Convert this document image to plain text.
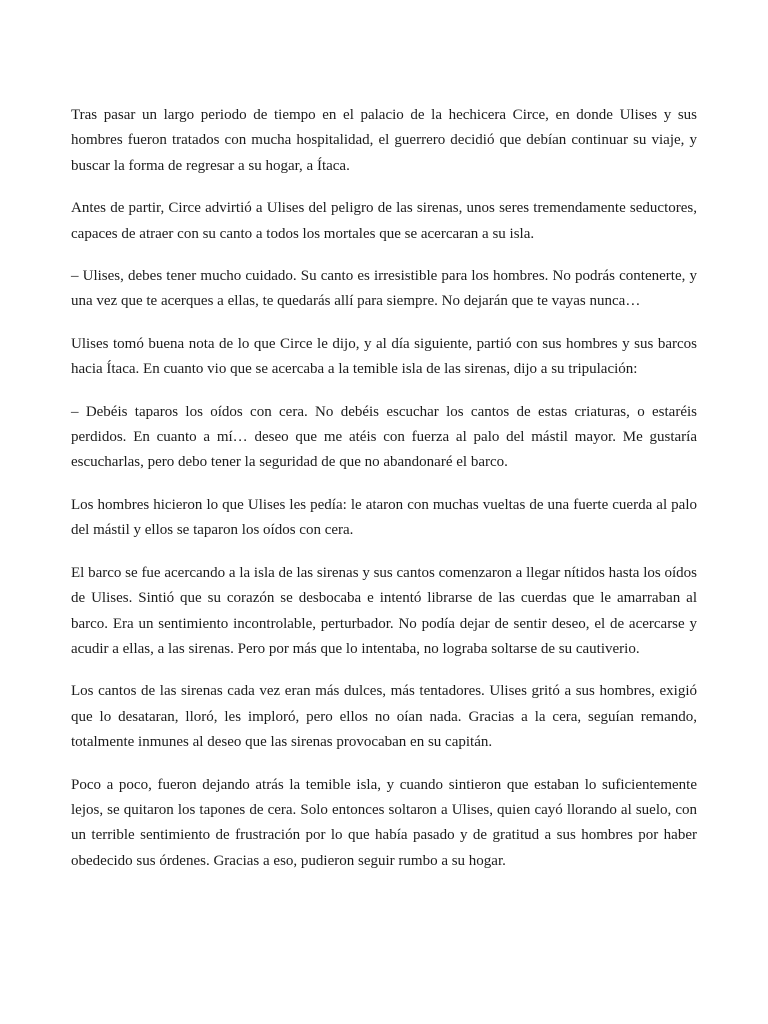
Tras pasar un largo periodo de tiempo en el palacio de la hechicera Circe, en donde Ulises y sus hombres fueron tratados con mucha hospitalidad, el guerrero decidió que debían continuar su viaje, y buscar la forma de regresar a su hogar, a Ítaca.

Antes de partir, Circe advirtió a Ulises del peligro de las sirenas, unos seres tremendamente seductores, capaces de atraer con su canto a todos los mortales que se acercaran a su isla.

– Ulises, debes tener mucho cuidado. Su canto es irresistible para los hombres. No podrás contenerte, y una vez que te acerques a ellas, te quedarás allí para siempre. No dejarán que te vayas nunca…

Ulises tomó buena nota de lo que Circe le dijo, y al día siguiente, partió con sus hombres y sus barcos hacia Ítaca. En cuanto vio que se acercaba a la temible isla de las sirenas, dijo a su tripulación:

– Debéis taparos los oídos con cera. No debéis escuchar los cantos de estas criaturas, o estaréis perdidos. En cuanto a mí… deseo que me atéis con fuerza al palo del mástil mayor. Me gustaría escucharlas, pero debo tener la seguridad de que no abandonaré el barco.

Los hombres hicieron lo que Ulises les pedía: le ataron con muchas vueltas de una fuerte cuerda al palo del mástil y ellos se taparon los oídos con cera.

El barco se fue acercando a la isla de las sirenas y sus cantos comenzaron a llegar nítidos hasta los oídos de Ulises. Sintió que su corazón se desbocaba e intentó librarse de las cuerdas que le amarraban al barco. Era un sentimiento incontrolable, perturbador. No podía dejar de sentir deseo, el de acercarse y acudir a ellas, a las sirenas. Pero por más que lo intentaba, no lograba soltarse de su cautiverio.

Los cantos de las sirenas cada vez eran más dulces, más tentadores. Ulises gritó a sus hombres, exigió que lo desataran, lloró, les imploró, pero ellos no oían nada. Gracias a la cera, seguían remando, totalmente inmunes al deseo que las sirenas provocaban en su capitán.

Poco a poco, fueron dejando atrás la temible isla, y cuando sintieron que estaban lo suficientemente lejos, se quitaron los tapones de cera. Solo entonces soltaron a Ulises, quien cayó llorando al suelo, con un terrible sentimiento de frustración por lo que había pasado y de gratitud a sus hombres por haber obedecido sus órdenes. Gracias a eso, pudieron seguir rumbo a su hogar.
